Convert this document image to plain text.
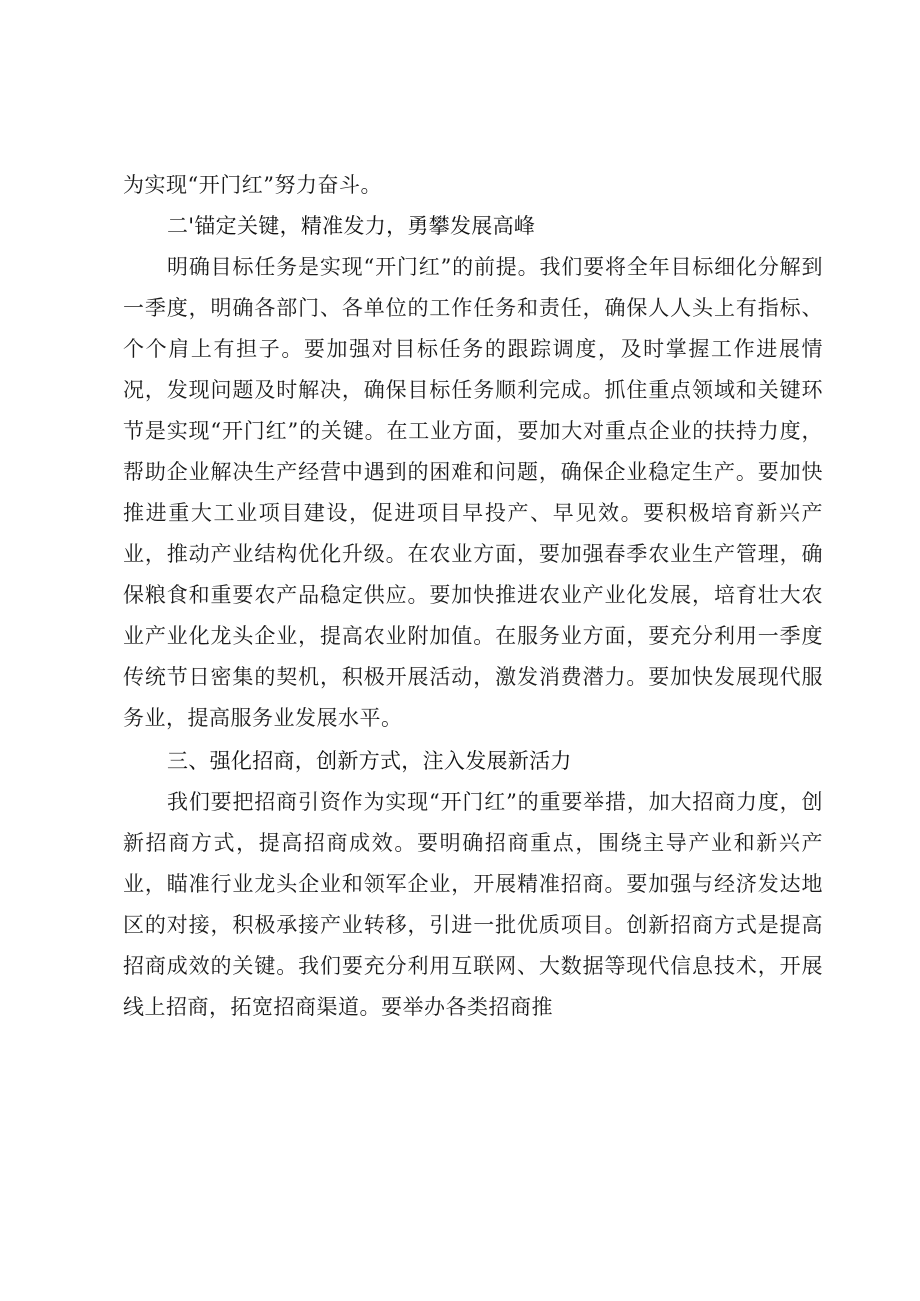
为实现“开门红”努力奋斗。

二'锚定关键，精准发力，勇攀发展高峰

明确目标任务是实现“开门红”的前提。我们要将全年目标细化分解到一季度，明确各部门、各单位的工作任务和责任，确保人人头上有指标、个个肩上有担子。要加强对目标任务的跟踪调度，及时掌握工作进展情况，发现问题及时解决，确保目标任务顺利完成。抓住重点领域和关键环节是实现“开门红”的关键。在工业方面，要加大对重点企业的扶持力度，帮助企业解决生产经营中遇到的困难和问题，确保企业稳定生产。要加快推进重大工业项目建设，促进项目早投产、早见效。要积极培育新兴产业，推动产业结构优化升级。在农业方面，要加强春季农业生产管理，确保粮食和重要农产品稳定供应。要加快推进农业产业化发展，培育壮大农业产业化龙头企业，提高农业附加值。在服务业方面，要充分利用一季度传统节日密集的契机，积极开展活动，激发消费潜力。要加快发展现代服务业，提高服务业发展水平。

三、强化招商，创新方式，注入发展新活力

我们要把招商引资作为实现“开门红”的重要举措，加大招商力度，创新招商方式，提高招商成效。要明确招商重点，围绕主导产业和新兴产业，瞄准行业龙头企业和领军企业，开展精准招商。要加强与经济发达地区的对接，积极承接产业转移，引进一批优质项目。创新招商方式是提高招商成效的关键。我们要充分利用互联网、大数据等现代信息技术，开展线上招商，拓宽招商渠道。要举办各类招商推
